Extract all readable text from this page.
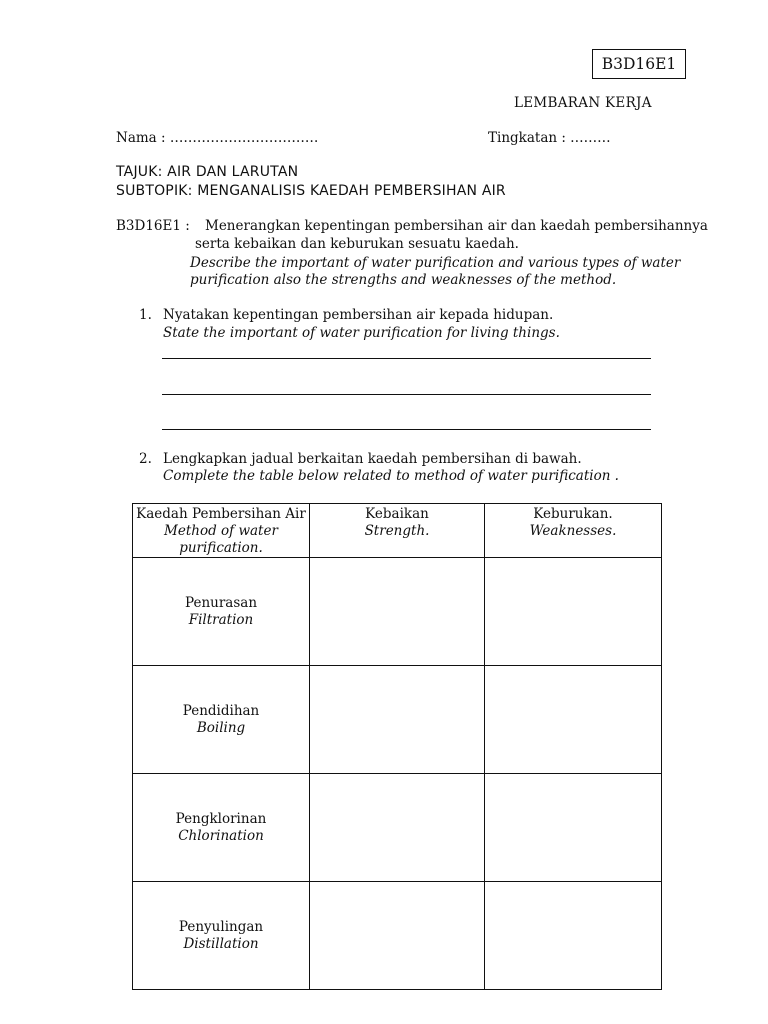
B3D16E1
LEMBARAN KERJA
Nama : ……………………………	Tingkatan : ………
TAJUK: AIR DAN LARUTAN
SUBTOPIK: MENGANALISIS KAEDAH PEMBERSIHAN AIR
B3D16E1 : Menerangkan kepentingan pembersihan air dan kaedah pembersihannya
serta kebaikan dan keburukan sesuatu kaedah.
Describe the important of water purification and various types of water
purification also the strengths and weaknesses of the method.
1. Nyatakan kepentingan pembersihan air kepada hidupan.
State the important of water purification for living things.
2. Lengkapkan jadual berkaitan kaedah pembersihan di bawah.
Complete the table below related to method of water purification .
Kaedah Pembersihan Air
Method of water
purification.	Kebaikan
Strength.	Keburukan.
Weaknesses.

Penurasan
Filtration		

Pendidihan
Boiling		

Pengklorinan
Chlorination		

Penyulingan
Distillation		
